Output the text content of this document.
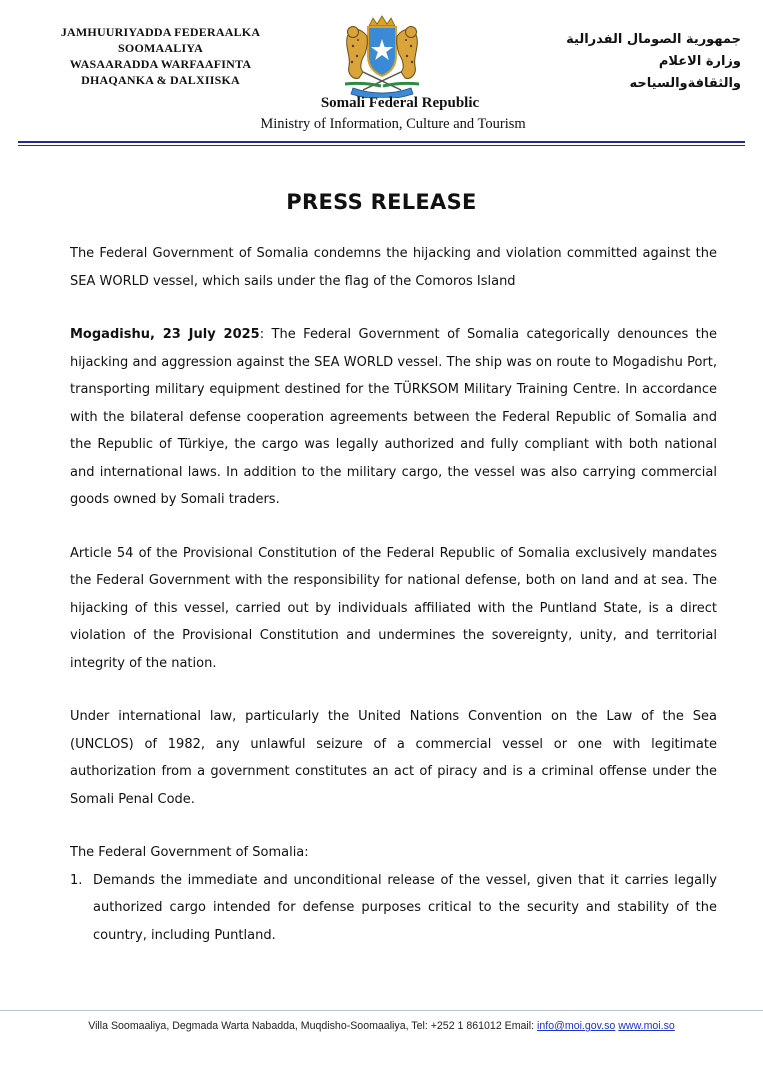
JAMHUURIYADDA FEDERAALKA
SOOMAALIYA
WASAARADDA WARFAAFINTA
DHAQANKA & DALXIISKA
جمهورية الصومال الفدرالية
وزارة الاعلام
والثقافةوالسياحه
Somali Federal Republic
Ministry of Information, Culture and Tourism
PRESS RELEASE

The Federal Government of Somalia condemns the hijacking and violation committed against the SEA WORLD vessel, which sails under the flag of the Comoros Island

Mogadishu, 23 July 2025: The Federal Government of Somalia categorically denounces the hijacking and aggression against the SEA WORLD vessel. The ship was on route to Mogadishu Port, transporting military equipment destined for the TÜRKSOM Military Training Centre. In accordance with the bilateral defense cooperation agreements between the Federal Republic of Somalia and the Republic of Türkiye, the cargo was legally authorized and fully compliant with both national and international laws. In addition to the military cargo, the vessel was also carrying commercial goods owned by Somali traders.

Article 54 of the Provisional Constitution of the Federal Republic of Somalia exclusively mandates the Federal Government with the responsibility for national defense, both on land and at sea. The hijacking of this vessel, carried out by individuals affiliated with the Puntland State, is a direct violation of the Provisional Constitution and undermines the sovereignty, unity, and territorial integrity of the nation.

Under international law, particularly the United Nations Convention on the Law of the Sea (UNCLOS) of 1982, any unlawful seizure of a commercial vessel or one with legitimate authorization from a government constitutes an act of piracy and is a criminal offense under the Somali Penal Code.

The Federal Government of Somalia:

1. Demands the immediate and unconditional release of the vessel, given that it carries legally authorized cargo intended for defense purposes critical to the security and stability of the country, including Puntland.
Villa Soomaaliya, Degmada Warta Nabadda, Muqdisho-Soomaaliya, Tel: +252 1 861012 Email: info@moi.gov.so www.moi.so
